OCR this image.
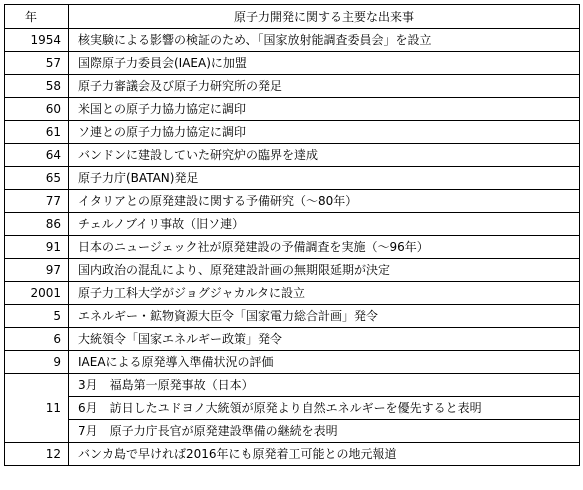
年	原子力開発に関する主要な出来事
1954	核実験による影響の検証のため、「国家放射能調査委員会」を設立
57	国際原子力委員会(IAEA)に加盟
58	原子力審議会及び原子力研究所の発足
60	米国との原子力協力協定に調印
61	ソ連との原子力協力協定に調印
64	バンドンに建設していた研究炉の臨界を達成
65	原子力庁(BATAN)発足
77	イタリアとの原発建設に関する予備研究（～80年）
86	チェルノブイリ事故（旧ソ連）
91	日本のニュージェック社が原発建設の予備調査を実施（～96年）
97	国内政治の混乱により、原発建設計画の無期限延期が決定
2001	原子力工科大学がジョグジャカルタに設立
5	エネルギー・鉱物資源大臣令「国家電力総合計画」発令
6	大統領令「国家エネルギー政策」発令
9	IAEAによる原発導入準備状況の評価
11	3月　福島第一原発事故（日本）
	6月　訪日したユドヨノ大統領が原発より自然エネルギーを優先すると表明
	7月　原子力庁長官が原発建設準備の継続を表明
12	バンカ島で早ければ2016年にも原発着工可能との地元報道
